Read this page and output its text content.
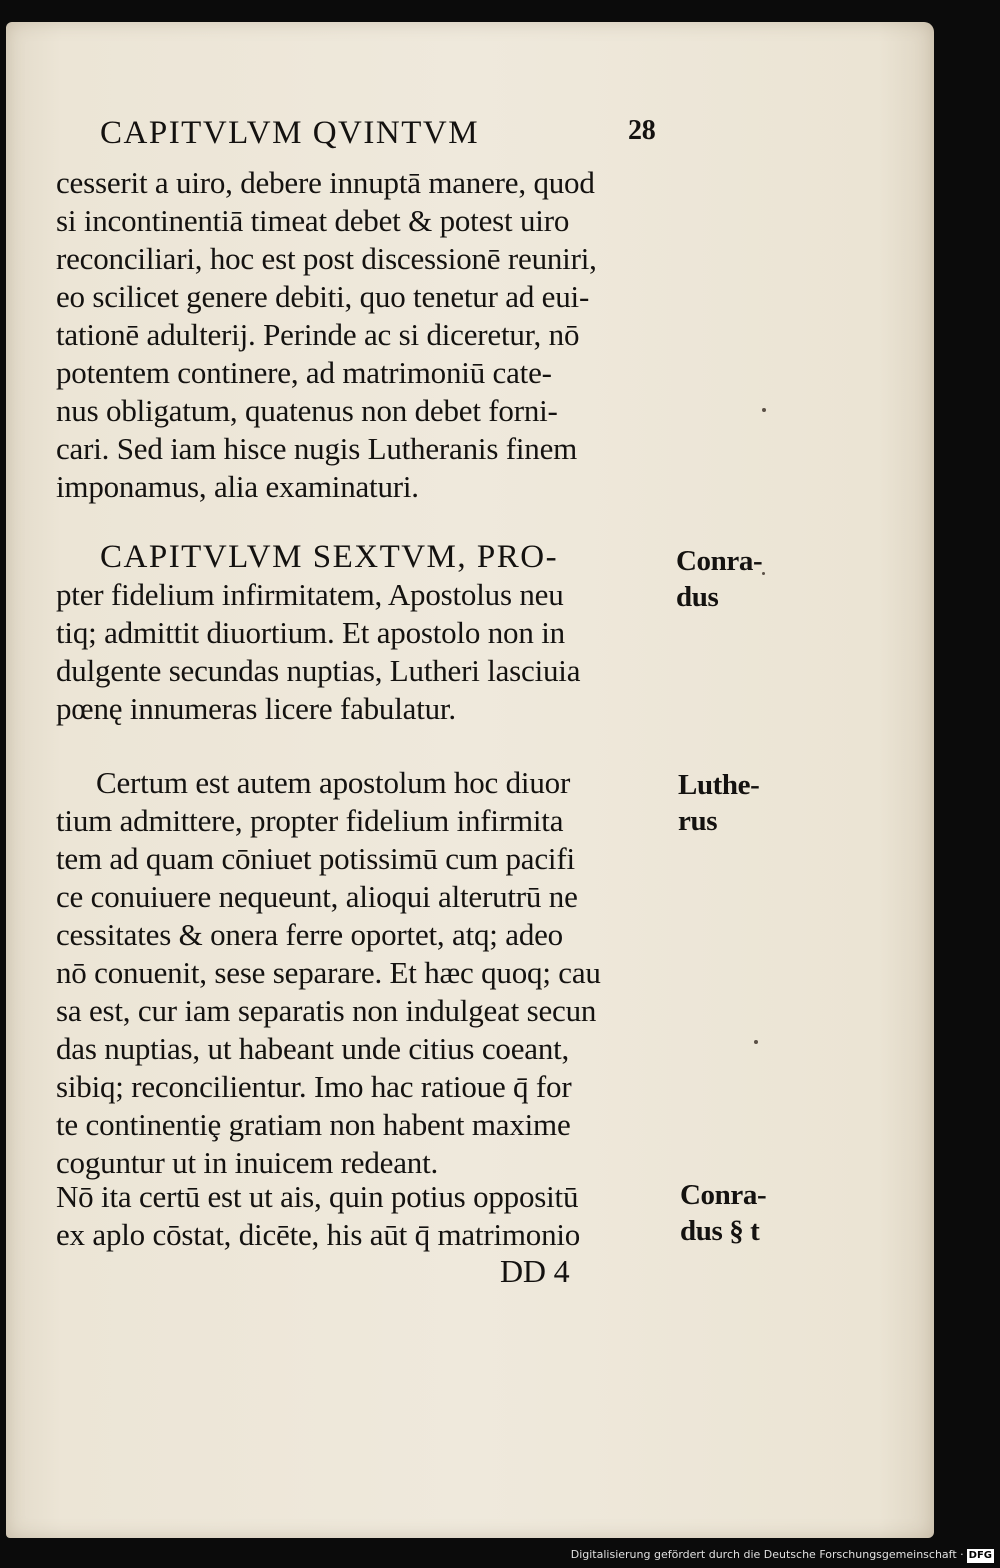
CAPITVLVM QVINTVM	28
cesserit a uiro, debere innuptā manere, quod
si incontinentiā timeat debet & potest uiro
reconciliari, hoc est post discessionē reuniri,
eo scilicet genere debiti, quo tenetur ad eui-
tationē adulterij. Perinde ac si diceretur, nō
potentem continere, ad matrimoniū cate-
nus obligatum, quatenus non debet forni-
cari. Sed iam hisce nugis Lutheranis finem
imponamus, alia examinaturi.
CAPITVLVM SEXTVM, PRO-
pter fidelium infirmitatem, Apostolus neu
tiq; admittit diuortium. Et apostolo non in
dulgente secundas nuptias, Lutheri lasciuia
pœnę innumeras licere fabulatur.
Certum est autem apostolum hoc diuor
tium admittere, propter fidelium infirmita
tem ad quam cōniuet potissimū cum pacifi
ce conuiuere nequeunt, alioqui alterutrū ne
cessitates & onera ferre oportet, atq; adeo
nō conuenit, sese separare. Et hæc quoq; cau
sa est, cur iam separatis non indulgeat secun
das nuptias, ut habeant unde citius coeant,
sibiq; reconcilientur. Imo hac ratioue q̄ for
te continentiȩ gratiam non habent maxime
coguntur ut in inuicem redeant.
Nō ita certū est ut ais, quin potius oppositū
ex aplo cōstat, dicēte, his aūt q̄ matrimonio
DD 4
Conra-
dus
Luthe-
rus
Conra-
dus § t
Digitalisierung gefördert durch die Deutsche Forschungsgemeinschaft · DFG
